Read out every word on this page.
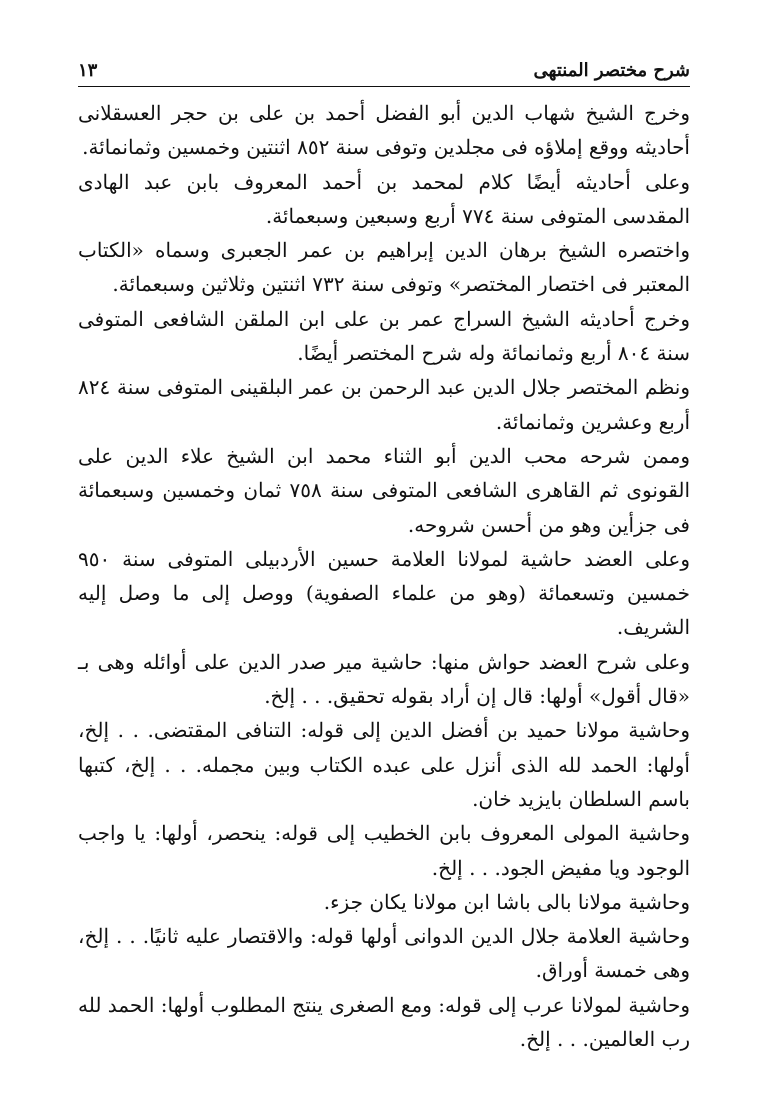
شرح مختصر المنتهى
١٣

وخرج الشيخ شهاب الدين أبو الفضل أحمد بن على بن حجر العسقلانى أحاديثه ووقع إملاؤه فى مجلدين وتوفى سنة ٨٥٢ اثنتين وخمسين وثمانمائة.

وعلى أحاديثه أيضًا كلام لمحمد بن أحمد المعروف بابن عبد الهادى المقدسى المتوفى سنة ٧٧٤ أربع وسبعين وسبعمائة.

واختصره الشيخ برهان الدين إبراهيم بن عمر الجعبرى وسماه «الكتاب المعتبر فى اختصار المختصر» وتوفى سنة ٧٣٢ اثنتين وثلاثين وسبعمائة.

وخرج أحاديثه الشيخ السراج عمر بن على ابن الملقن الشافعى المتوفى سنة ٨٠٤ أربع وثمانمائة وله شرح المختصر أيضًا.

ونظم المختصر جلال الدين عبد الرحمن بن عمر البلقينى المتوفى سنة ٨٢٤ أربع وعشرين وثمانمائة.

وممن شرحه محب الدين أبو الثناء محمد ابن الشيخ علاء الدين على القونوى ثم القاهرى الشافعى المتوفى سنة ٧٥٨ ثمان وخمسين وسبعمائة فى جزأين وهو من أحسن شروحه.

وعلى العضد حاشية لمولانا العلامة حسين الأردبيلى المتوفى سنة ٩٥٠ خمسين وتسعمائة (وهو من علماء الصفوية) ووصل إلى ما وصل إليه الشريف.

وعلى شرح العضد حواش منها: حاشية مير صدر الدين على أوائله وهى بـ «قال أقول» أولها: قال إن أراد بقوله تحقيق. . . إلخ.

وحاشية مولانا حميد بن أفضل الدين إلى قوله: التنافى المقتضى. . . إلخ، أولها: الحمد لله الذى أنزل على عبده الكتاب وبين مجمله. . . إلخ، كتبها باسم السلطان بايزيد خان.

وحاشية المولى المعروف بابن الخطيب إلى قوله: ينحصر، أولها: يا واجب الوجود ويا مفيض الجود. . . إلخ.

وحاشية مولانا بالى باشا ابن مولانا يكان جزء.

وحاشية العلامة جلال الدين الدوانى أولها قوله: والاقتصار عليه ثانيًا. . . إلخ، وهى خمسة أوراق.

وحاشية لمولانا عرب إلى قوله: ومع الصغرى ينتج المطلوب أولها: الحمد لله رب العالمين. . . إلخ.
